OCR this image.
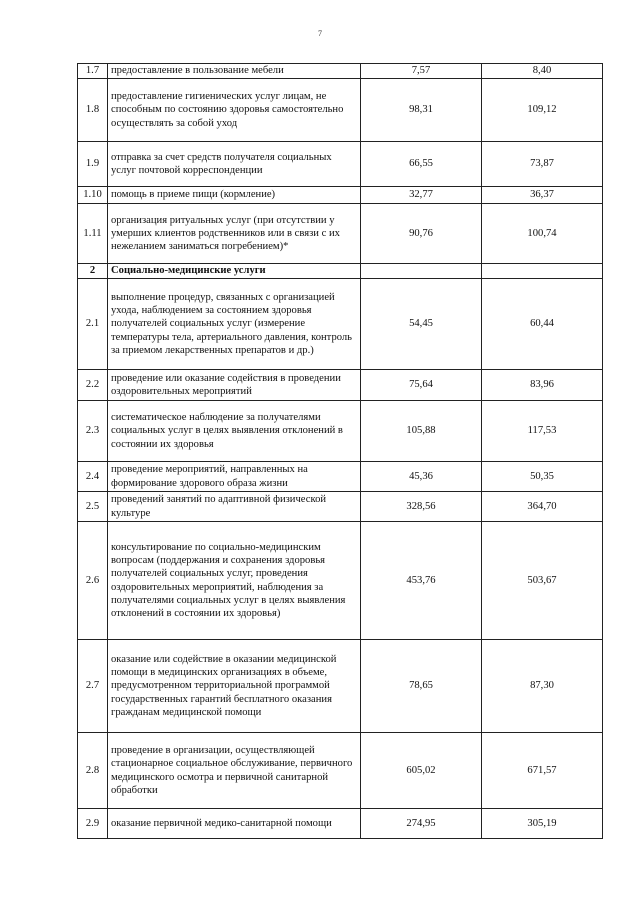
7
1.7	предоставление в пользование мебели	7,57	8,40
1.8	предоставление гигиенических услуг лицам, не способным по состоянию здоровья самостоятельно осуществлять за собой уход	98,31	109,12
1.9	отправка за счет средств получателя социальных услуг почтовой корреспонденции	66,55	73,87
1.10	помощь в приеме пищи (кормление)	32,77	36,37
1.11	организация ритуальных услуг (при отсутствии у умерших клиентов родственников или в связи с их нежеланием заниматься погребением)*	90,76	100,74
2	Социально-медицинские услуги		
2.1	выполнение процедур, связанных с организацией ухода, наблюдением за состоянием здоровья получателей социальных услуг (измерение температуры тела, артериального давления, контроль за приемом лекарственных препаратов и др.)	54,45	60,44
2.2	проведение или оказание содействия в проведении оздоровительных мероприятий	75,64	83,96
2.3	систематическое наблюдение за получателями социальных услуг в целях выявления отклонений в состоянии их здоровья	105,88	117,53
2.4	проведение мероприятий, направленных на формирование здорового образа жизни	45,36	50,35
2.5	проведений занятий по адаптивной физической культуре	328,56	364,70
2.6	консультирование по социально-медицинским вопросам (поддержания и сохранения здоровья получателей социальных услуг, проведения оздоровительных мероприятий, наблюдения за получателями социальных услуг в целях выявления отклонений в состоянии их здоровья)	453,76	503,67
2.7	оказание или содействие в оказании медицинской помощи в медицинских организациях в объеме, предусмотренном территориальной программой государственных гарантий бесплатного оказания гражданам медицинской помощи	78,65	87,30
2.8	проведение в организации, осуществляющей стационарное социальное обслуживание, первичного медицинского осмотра и первичной санитарной обработки	605,02	671,57
2.9	оказание первичной медико-санитарной помощи	274,95	305,19
